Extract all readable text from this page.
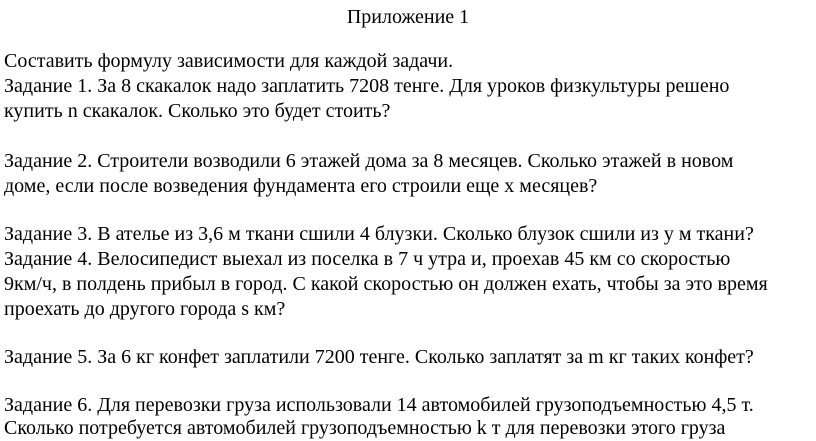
Приложение 1
Составить формулу зависимости для каждой задачи.
Задание 1. За 8 скакалок надо заплатить 7208 тенге. Для уроков физкультуры решено
купить n скакалок. Сколько это будет стоить?
Задание 2. Строители возводили 6 этажей дома за 8 месяцев. Сколько этажей в новом
доме, если после возведения фундамента его строили еще x месяцев?
Задание 3. В ателье из 3,6 м ткани сшили 4 блузки. Сколько блузок сшили из y м ткани?
Задание 4. Велосипедист выехал из поселка в 7 ч утра и, проехав 45 км со скоростью
9км/ч, в полдень прибыл в город. С какой скоростью он должен ехать, чтобы за это время
проехать до другого города s км?
Задание 5. За 6 кг конфет заплатили 7200 тенге. Сколько заплатят за m кг таких конфет?
Задание 6. Для перевозки груза использовали 14 автомобилей грузоподъемностью 4,5 т.
Сколько потребуется автомобилей грузоподъемностью k т для перевозки этого груза
